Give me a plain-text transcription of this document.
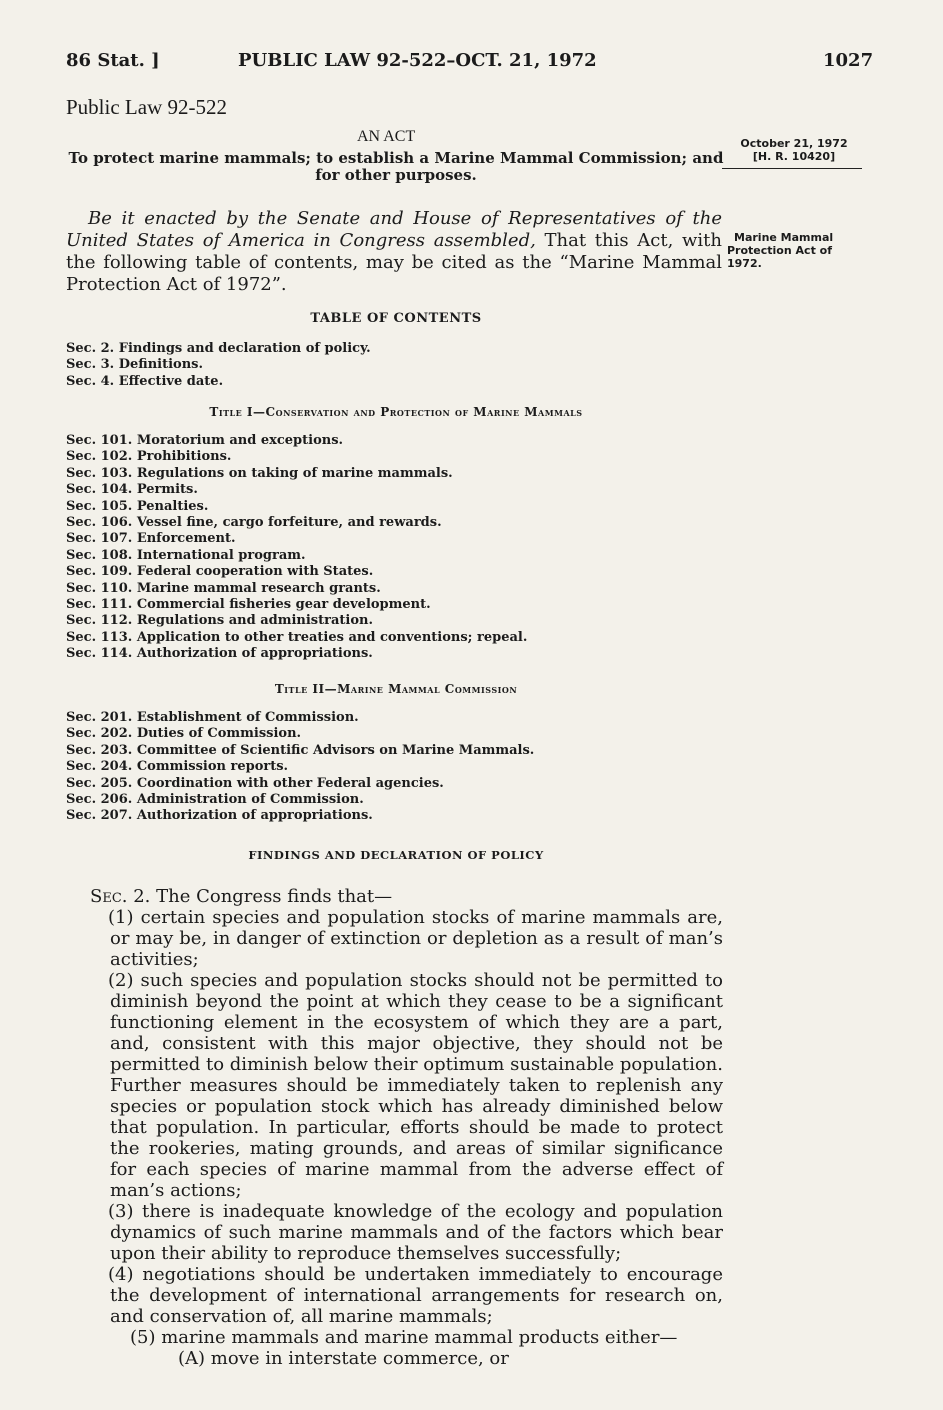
86 Stat. ]	PUBLIC LAW 92-522–OCT. 21, 1972	1027
Public Law 92-522
AN ACT
To protect marine mammals; to establish a Marine Mammal Commission; and for other purposes.
October 21, 1972
[H. R. 10420]
Marine Mammal
Protection Act of
1972.
Be it enacted by the Senate and House of Representatives of the United States of America in Congress assembled, That this Act, with the following table of contents, may be cited as the “Marine Mammal Protection Act of 1972”.
TABLE OF CONTENTS
Sec. 2. Findings and declaration of policy.
Sec. 3. Definitions.
Sec. 4. Effective date.
Title I—Conservation and Protection of Marine Mammals
Sec. 101. Moratorium and exceptions.
Sec. 102. Prohibitions.
Sec. 103. Regulations on taking of marine mammals.
Sec. 104. Permits.
Sec. 105. Penalties.
Sec. 106. Vessel fine, cargo forfeiture, and rewards.
Sec. 107. Enforcement.
Sec. 108. International program.
Sec. 109. Federal cooperation with States.
Sec. 110. Marine mammal research grants.
Sec. 111. Commercial fisheries gear development.
Sec. 112. Regulations and administration.
Sec. 113. Application to other treaties and conventions; repeal.
Sec. 114. Authorization of appropriations.
Title II—Marine Mammal Commission
Sec. 201. Establishment of Commission.
Sec. 202. Duties of Commission.
Sec. 203. Committee of Scientific Advisors on Marine Mammals.
Sec. 204. Commission reports.
Sec. 205. Coordination with other Federal agencies.
Sec. 206. Administration of Commission.
Sec. 207. Authorization of appropriations.
FINDINGS AND DECLARATION OF POLICY

Sec. 2. The Congress finds that—

(1) certain species and population stocks of marine mammals are, or may be, in danger of extinction or depletion as a result of man’s activities;

(2) such species and population stocks should not be permitted to diminish beyond the point at which they cease to be a significant functioning element in the ecosystem of which they are a part, and, consistent with this major objective, they should not be permitted to diminish below their optimum sustainable population. Further measures should be immediately taken to replenish any species or population stock which has already diminished below that population. In particular, efforts should be made to protect the rookeries, mating grounds, and areas of similar significance for each species of marine mammal from the adverse effect of man’s actions;

(3) there is inadequate knowledge of the ecology and population dynamics of such marine mammals and of the factors which bear upon their ability to reproduce themselves successfully;

(4) negotiations should be undertaken immediately to encourage the development of international arrangements for research on, and conservation of, all marine mammals;

(5) marine mammals and marine mammal products either—

(A) move in interstate commerce, or
